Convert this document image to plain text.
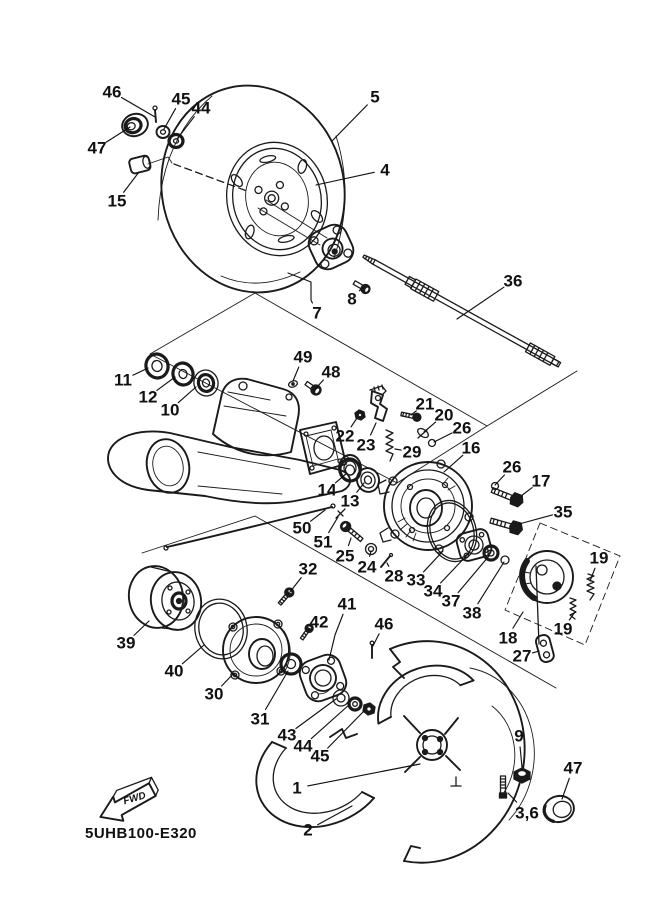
FWD
5UHB100-E320
46	45 44
47
15
5
4
7
8
36
11
12
10
49
48
22 23
21
20
26
29 16
14
13
50
51
25
24 28 33
34
37
38
18
27
26
17
35
19
19
39
40
30
31
32
42
41
46
43
44
45
1
2
9
3,6
47
